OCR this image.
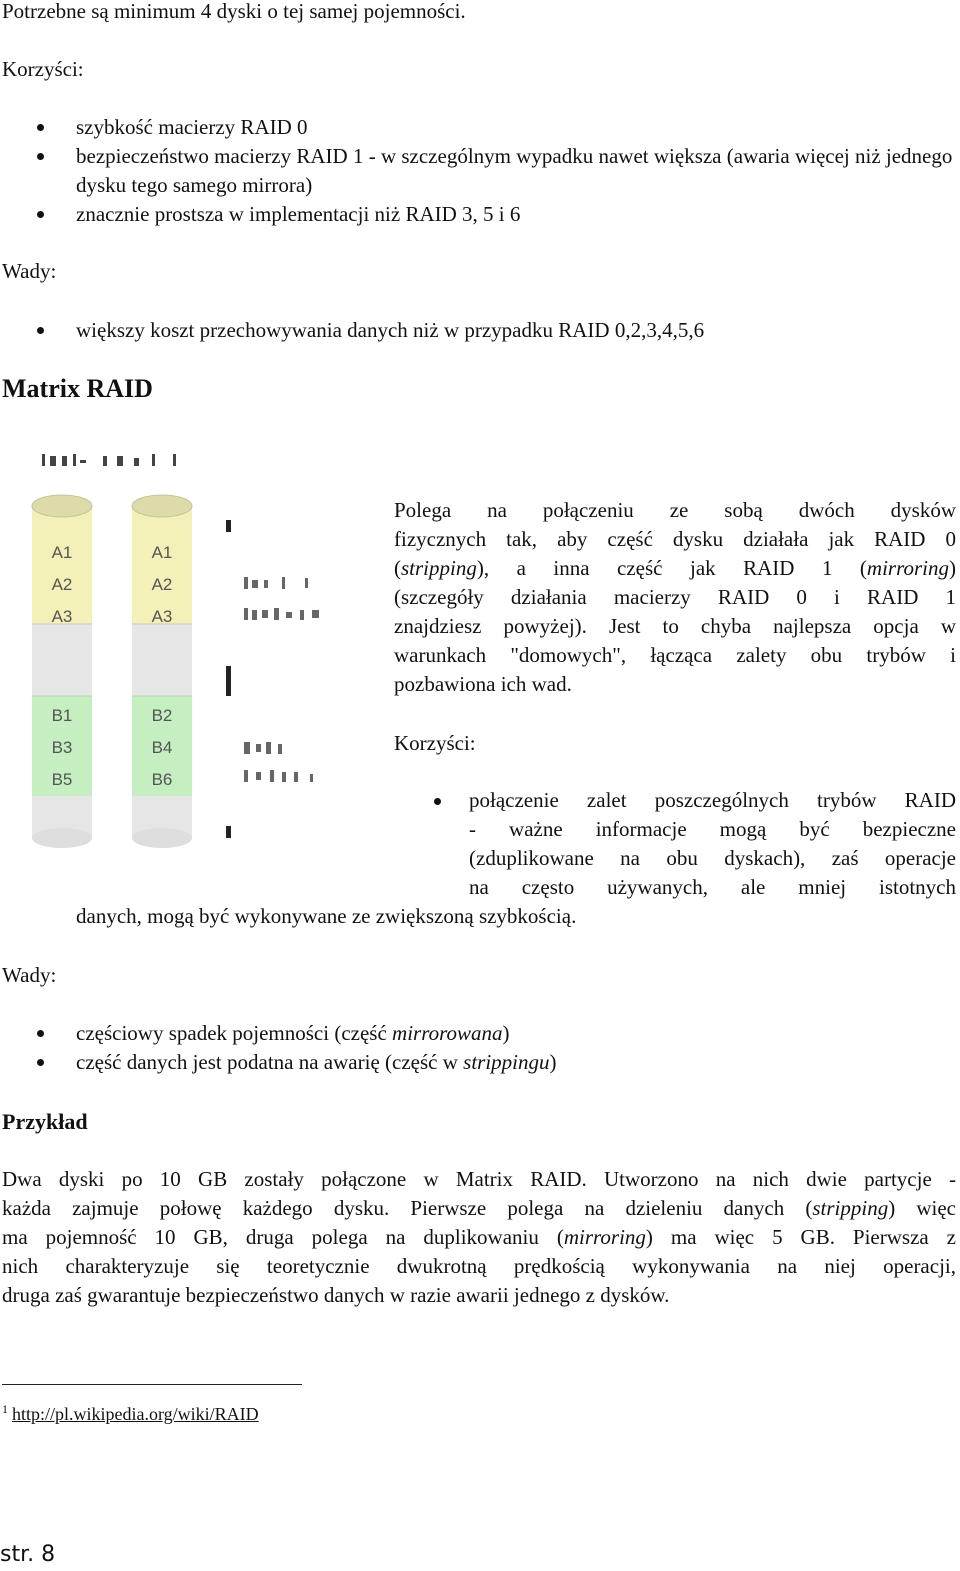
Potrzebne są minimum 4 dyski o tej samej pojemności.
Korzyści:
szybkość macierzy RAID 0
bezpieczeństwo macierzy RAID 1 - w szczególnym wypadku nawet większa (awaria więcej niż jednego dysku tego samego mirrora)
znacznie prostsza w implementacji niż RAID 3, 5 i 6
Wady:
większy koszt przechowywania danych niż w przypadku RAID 0,2,3,4,5,6
Matrix RAID
A1
A2
A3
B1
B3
B5
A1
A2
A3
B2
B4
B6
Polega na połączeniu ze sobą dwóch dysków
fizycznych tak, aby część dysku działała jak RAID 0
(stripping), a inna część jak RAID 1 (mirroring)
(szczegóły działania macierzy RAID 0 i RAID 1
znajdziesz powyżej). Jest to chyba najlepsza opcja w
warunkach "domowych", łącząca zalety obu trybów i
pozbawiona ich wad.
Korzyści:
połączenie zalet poszczególnych trybów RAID
- ważne informacje mogą być bezpieczne
(zduplikowane na obu dyskach), zaś operacje
na często używanych, ale mniej istotnych
danych, mogą być wykonywane ze zwiększoną szybkością.
Wady:
częściowy spadek pojemności (część mirrorowana)
część danych jest podatna na awarię (część w strippingu)
Przykład
Dwa dyski po 10 GB zostały połączone w Matrix RAID. Utworzono na nich dwie partycje -
każda zajmuje połowę każdego dysku. Pierwsze polega na dzieleniu danych (stripping) więc
ma pojemność 10 GB, druga polega na duplikowaniu (mirroring) ma więc 5 GB. Pierwsza z
nich charakteryzuje się teoretycznie dwukrotną prędkością wykonywania na niej operacji,
druga zaś gwarantuje bezpieczeństwo danych w razie awarii jednego z dysków.
$^1$ http://pl.wikipedia.org/wiki/RAID
str. 8
